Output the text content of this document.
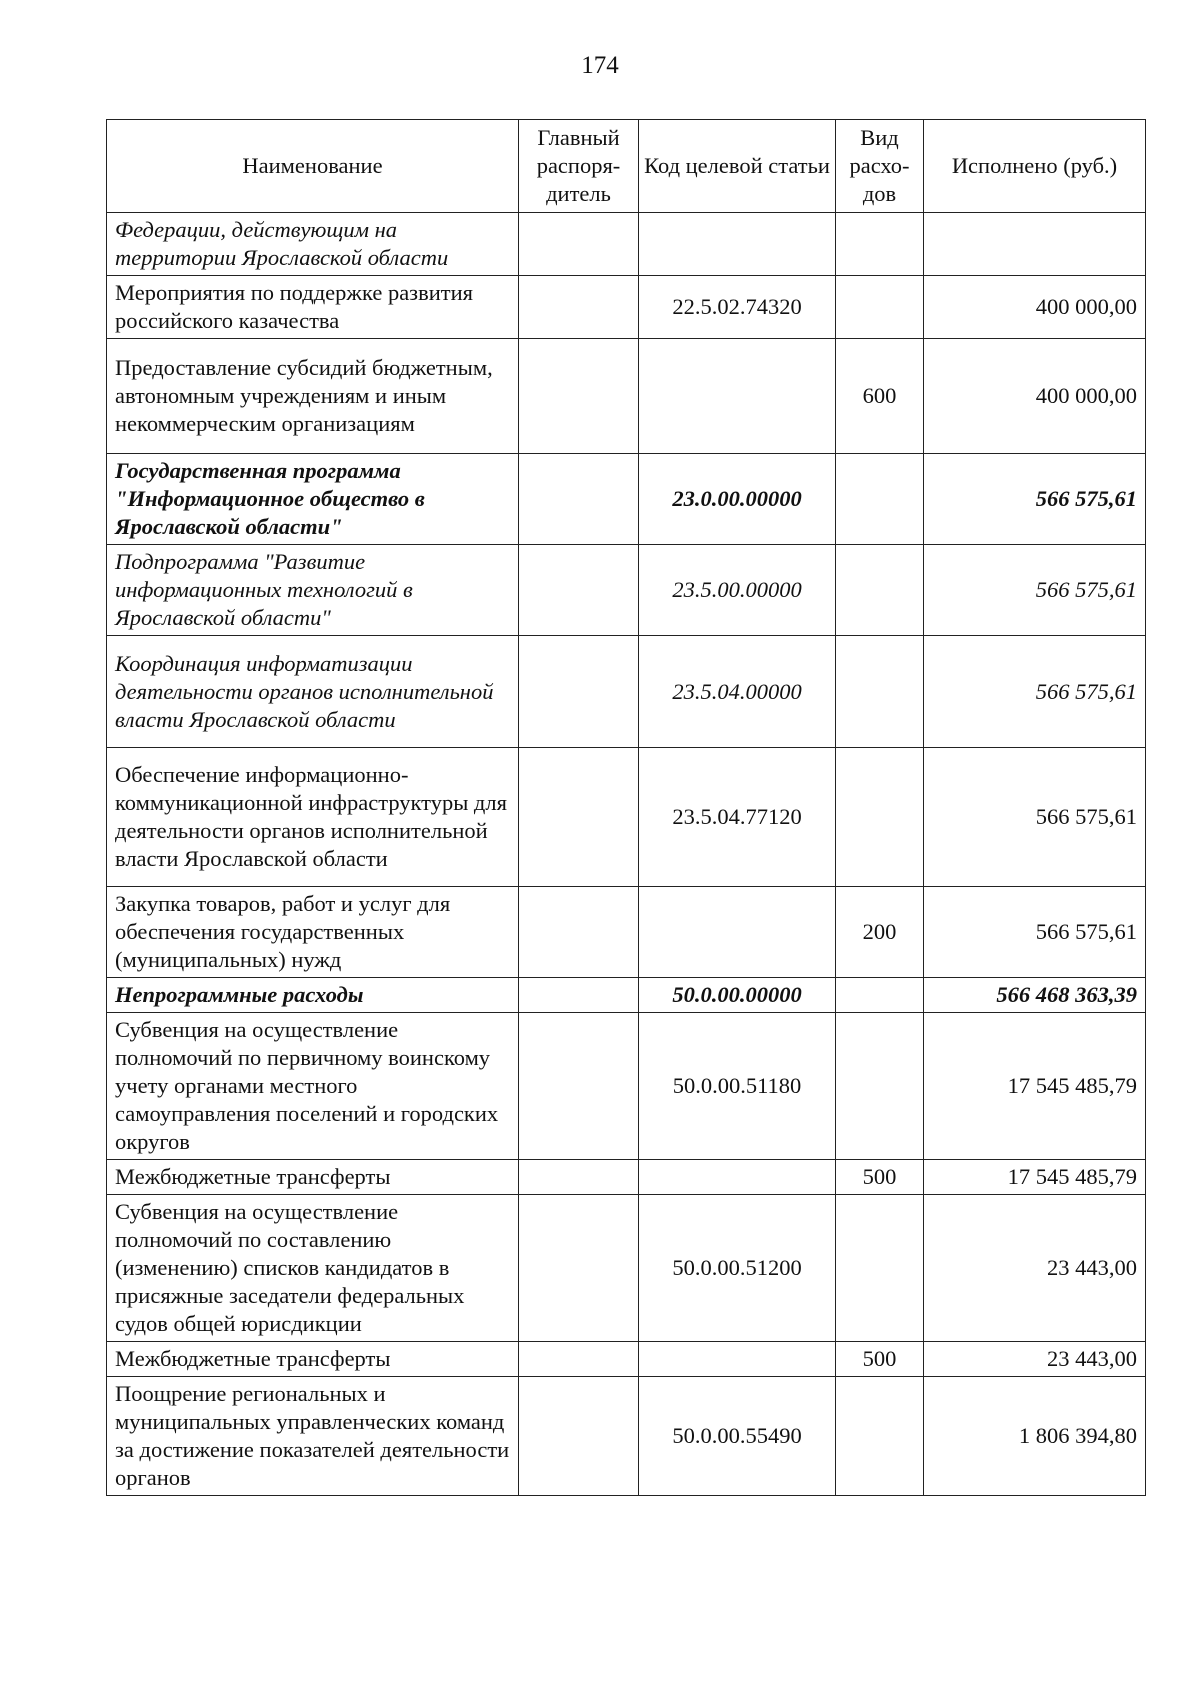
174
Наименование	Главный распоря-дитель	Код целевой статьи	Вид расхо-дов	Исполнено (руб.)
Федерации, действующим на территории Ярославской области				
Мероприятия по поддержке развития российского казачества		22.5.02.74320		400 000,00
Предоставление субсидий бюджетным, автономным учреждениям и иным некоммерческим организациям			600	400 000,00
Государственная программа "Информационное общество в Ярославской области"		23.0.00.00000		566 575,61
Подпрограмма "Развитие информационных технологий в Ярославской области"		23.5.00.00000		566 575,61
Координация информатизации деятельности органов исполнительной власти Ярославской области		23.5.04.00000		566 575,61
Обеспечение информационно-коммуникационной инфраструктуры для деятельности органов исполнительной власти Ярославской области		23.5.04.77120		566 575,61
Закупка товаров, работ и услуг для обеспечения государственных (муниципальных) нужд			200	566 575,61
Непрограммные расходы		50.0.00.00000		566 468 363,39
Субвенция на осуществление полномочий по первичному воинскому учету органами местного самоуправления поселений и городских округов		50.0.00.51180		17 545 485,79
Межбюджетные трансферты			500	17 545 485,79
Субвенция на осуществление полномочий по составлению (изменению) списков кандидатов в присяжные заседатели федеральных судов общей юрисдикции		50.0.00.51200		23 443,00
Межбюджетные трансферты			500	23 443,00
Поощрение региональных и муниципальных управленческих команд за достижение показателей деятельности органов		50.0.00.55490		1 806 394,80
